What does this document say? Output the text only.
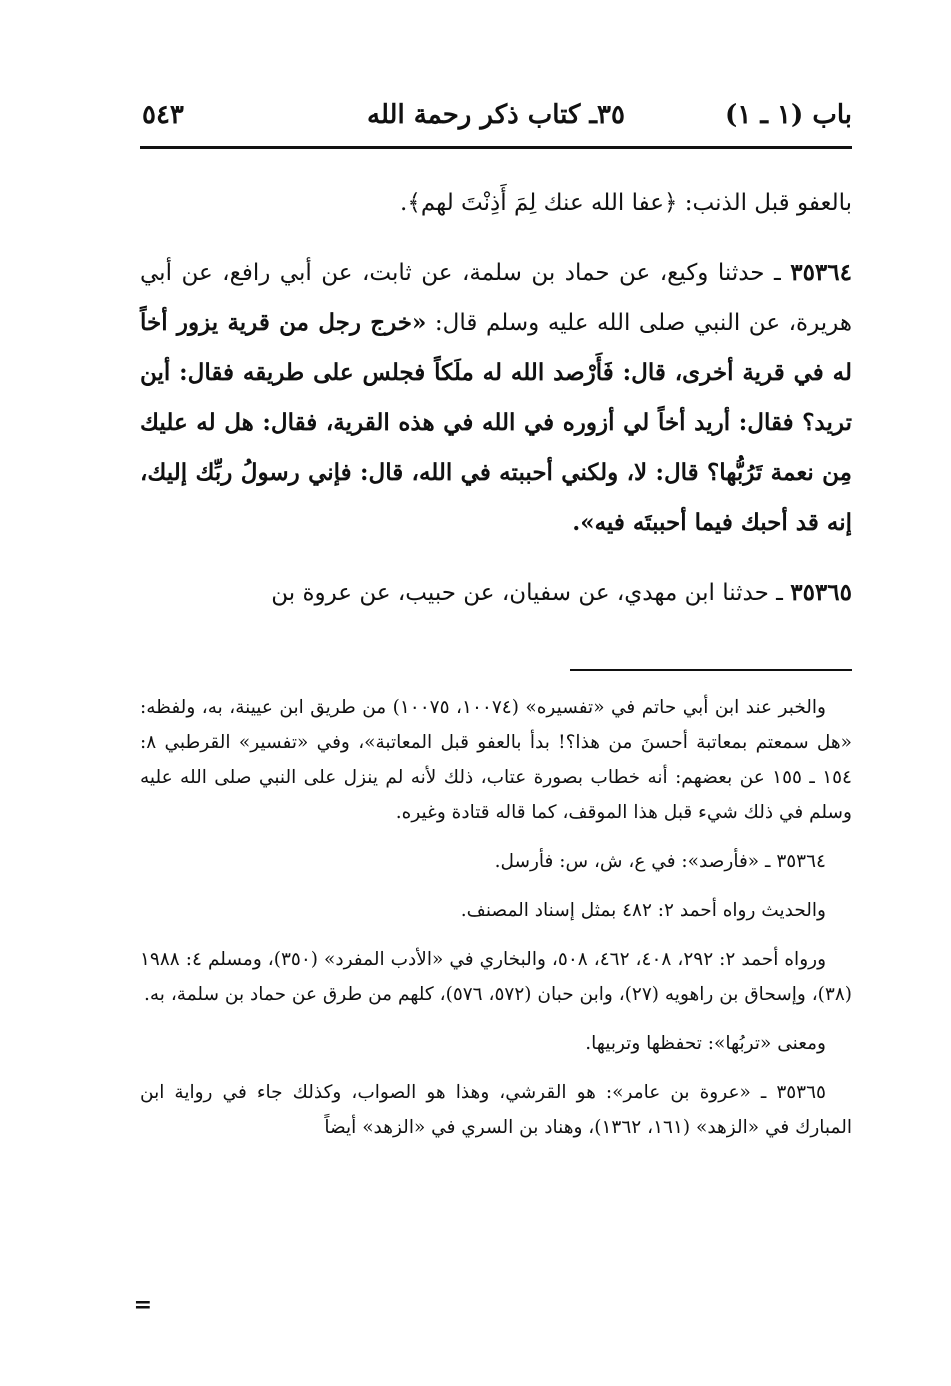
باب (١ ـ ١)
٣٥ـ كتاب ذكر رحمة الله
٥٤٣

بالعفو قبل الذنب: ﴿عفا الله عنك لِمَ أَذِنْتَ لهم﴾.

٣٥٣٦٤ ـ حدثنا وكيع، عن حماد بن سلمة، عن ثابت، عن أبي رافع، عن أبي هريرة، عن النبي صلى الله عليه وسلم قال: «خرج رجل من قرية يزور أخاً له في قرية أخرى، قال: فَأَرْصد الله له ملَكاً فجلس على طريقه فقال: أين تريد؟ فقال: أريد أخاً لي أزوره في الله في هذه القرية، فقال: هل له عليك مِن نعمة تَرُبُّها؟ قال: لا، ولكني أحببته في الله، قال: فإني رسولُ ربِّك إليك، إنه قد أحبك فيما أحببتَه فيه».

٣٥٣٦٥ ـ حدثنا ابن مهدي، عن سفيان، عن حبيب، عن عروة بن

والخبر عند ابن أبي حاتم في «تفسيره» (١٠٠٧٤، ١٠٠٧٥) من طريق ابن عيينة، به، ولفظه: «هل سمعتم بمعاتبة أحسنَ من هذا؟! بدأ بالعفو قبل المعاتبة»، وفي «تفسير» القرطبي ٨: ١٥٤ ـ ١٥٥ عن بعضهم: أنه خطاب بصورة عتاب، ذلك لأنه لم ينزل على النبي صلى الله عليه وسلم في ذلك شيء قبل هذا الموقف، كما قاله قتادة وغيره.

٣٥٣٦٤ ـ «فأرصد»: في ع، ش، س: فأرسل.

والحديث رواه أحمد ٢: ٤٨٢ بمثل إسناد المصنف.

ورواه أحمد ٢: ٢٩٢، ٤٠٨، ٤٦٢، ٥٠٨، والبخاري في «الأدب المفرد» (٣٥٠)، ومسلم ٤: ١٩٨٨ (٣٨)، وإسحاق بن راهويه (٢٧)، وابن حبان (٥٧٢، ٥٧٦)، كلهم من طرق عن حماد بن سلمة، به.

ومعنى «تربُها»: تحفظها وتربيها.

٣٥٣٦٥ ـ «عروة بن عامر»: هو القرشي، وهذا هو الصواب، وكذلك جاء في رواية ابن المبارك في «الزهد» (١٦١، ١٣٦٢)، وهناد بن السري في «الزهد» أيضاً

=
